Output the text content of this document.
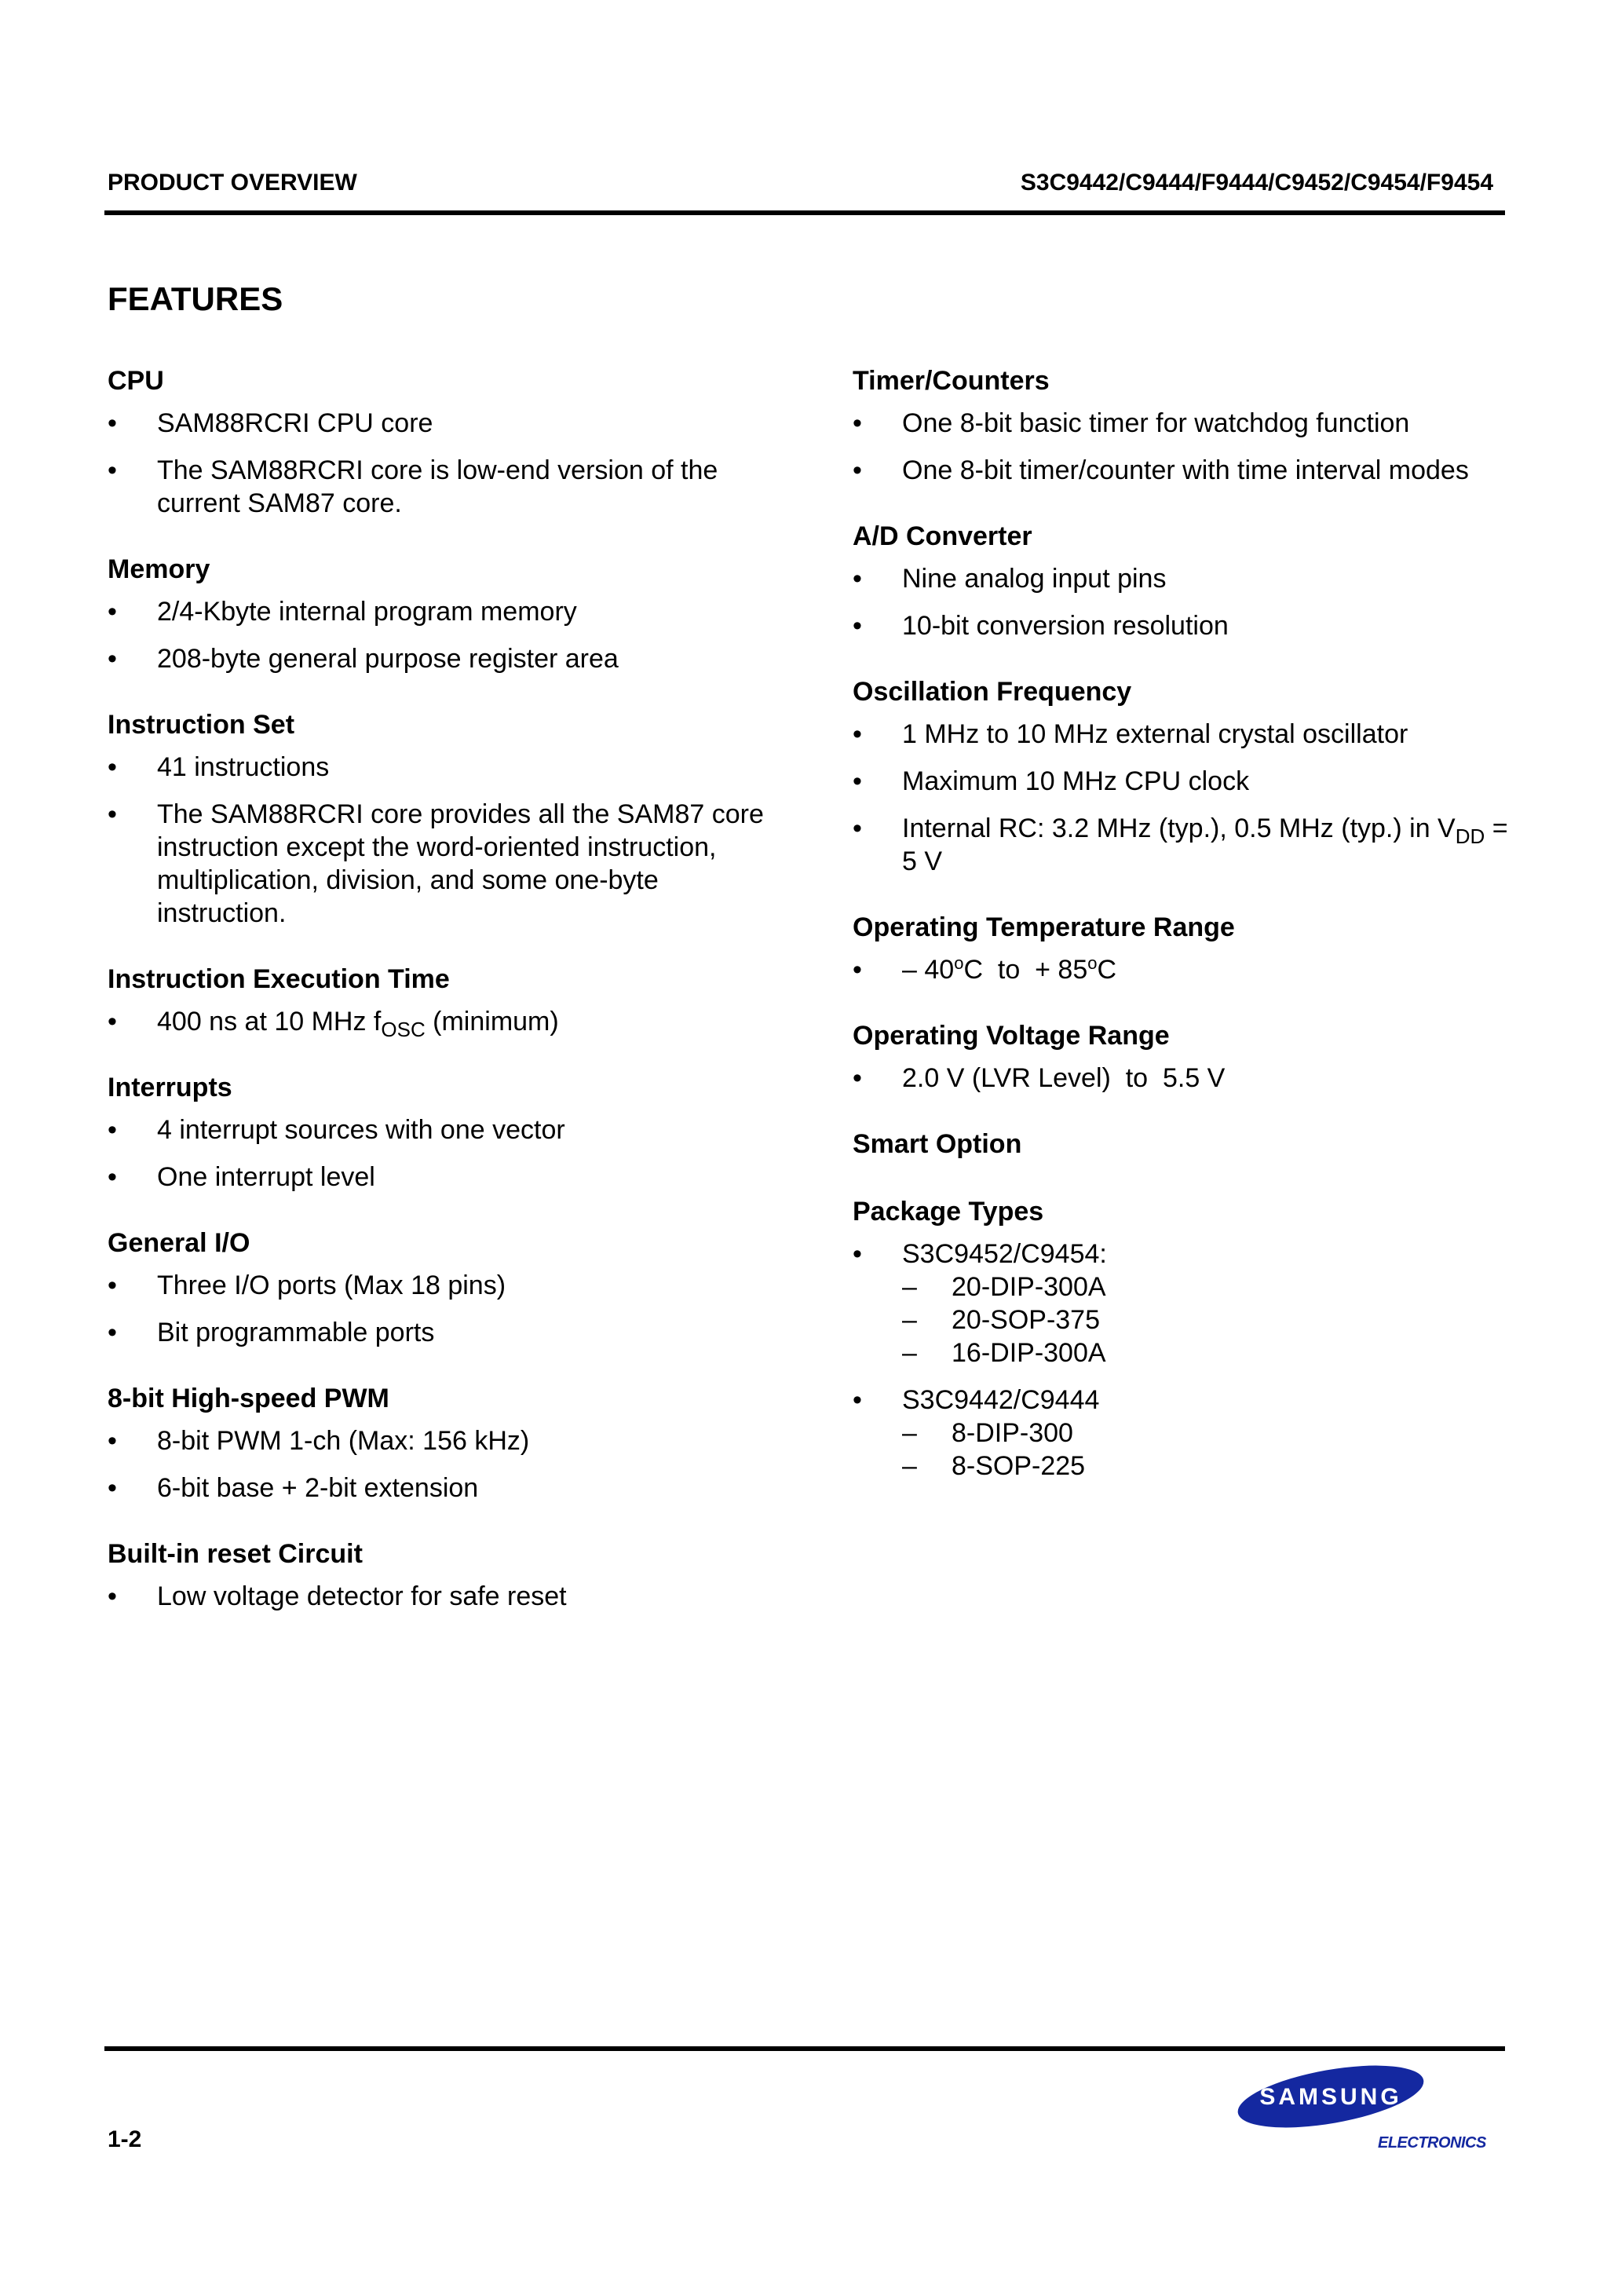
PRODUCT OVERVIEW	S3C9442/C9444/F9444/C9452/C9454/F9454
FEATURES
CPU
• SAM88RCRI CPU core
• The SAM88RCRI core is low-end version of the current SAM87 core.
Memory
• 2/4-Kbyte internal program memory
• 208-byte general purpose register area
Instruction Set
• 41 instructions
• The SAM88RCRI core provides all the SAM87 core instruction except the word-oriented instruction, multiplication, division, and some one-byte instruction.
Instruction Execution Time
• 400 ns at 10 MHz $f_{OSC}$ (minimum)
Interrupts
• 4 interrupt sources with one vector
• One interrupt level
General I/O
• Three I/O ports (Max 18 pins)
• Bit programmable ports
8-bit High-speed PWM
• 8-bit PWM 1-ch (Max: 156 kHz)
• 6-bit base + 2-bit extension
Built-in reset Circuit
• Low voltage detector for safe reset
Timer/Counters
• One 8-bit basic timer for watchdog function
• One 8-bit timer/counter with time interval modes
A/D Converter
• Nine analog input pins
• 10-bit conversion resolution
Oscillation Frequency
• 1 MHz to 10 MHz external crystal oscillator
• Maximum 10 MHz CPU clock
• Internal RC: 3.2 MHz (typ.), 0.5 MHz (typ.) in $V_{DD} = 5$ V
Operating Temperature Range
• – 40$^o$C  to  + $85^oC$
Operating Voltage Range
• 2.0 V (LVR Level)  to  5.5 V
Smart Option
Package Types
• S3C9452/C9454:
– 20-DIP-300A
– 20-SOP-375
– 16-DIP-300A
• S3C9442/C9444
– 8-DIP-300
– 8-SOP-225
1-2
SAMSUNG
ELECTRONICS
